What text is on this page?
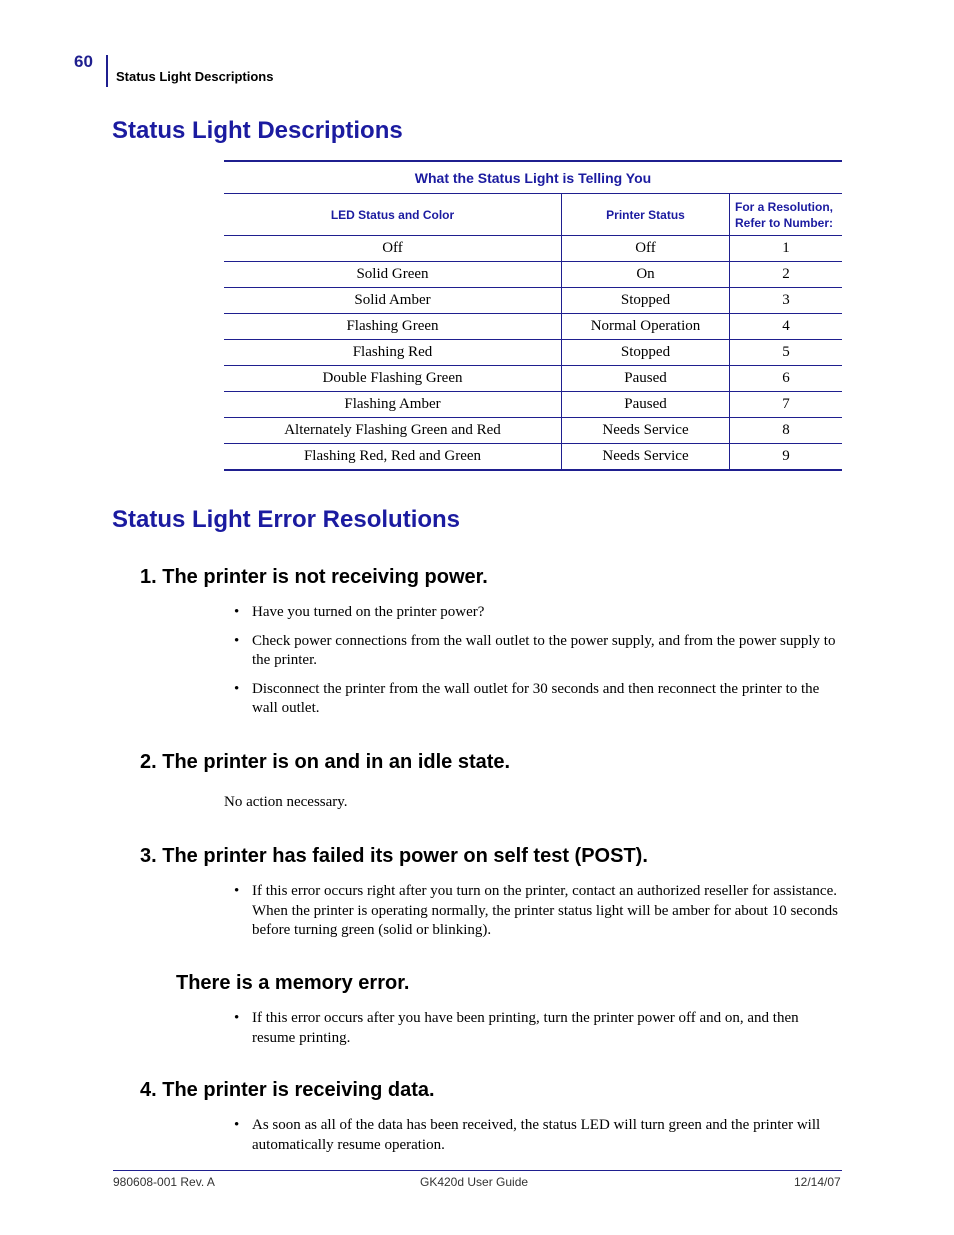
60
Status Light Descriptions
Status Light Descriptions
What the Status Light is Telling You		
LED Status and Color	Printer Status	For a Resolution,
Refer to Number:
Off	Off	1
Solid Green	On	2
Solid Amber	Stopped	3
Flashing Green	Normal Operation	4
Flashing Red	Stopped	5
Double Flashing Green	Paused	6
Flashing Amber	Paused	7
Alternately Flashing Green and Red	Needs Service	8
Flashing Red, Red and Green	Needs Service	9
Status Light Error Resolutions
1. The printer is not receiving power.
• Have you turned on the printer power?
• Check power connections from the wall outlet to the power supply, and from the power supply to the printer.
• Disconnect the printer from the wall outlet for 30 seconds and then reconnect the printer to the wall outlet.
2. The printer is on and in an idle state.
No action necessary.
3. The printer has failed its power on self test (POST).
• If this error occurs right after you turn on the printer, contact an authorized reseller for assistance. When the printer is operating normally, the printer status light will be amber for about 10 seconds before turning green (solid or blinking).
There is a memory error.
• If this error occurs after you have been printing, turn the printer power off and on, and then resume printing.
4. The printer is receiving data.
• As soon as all of the data has been received, the status LED will turn green and the printer will automatically resume operation.
980608-001 Rev. A	GK420d User Guide	12/14/07
